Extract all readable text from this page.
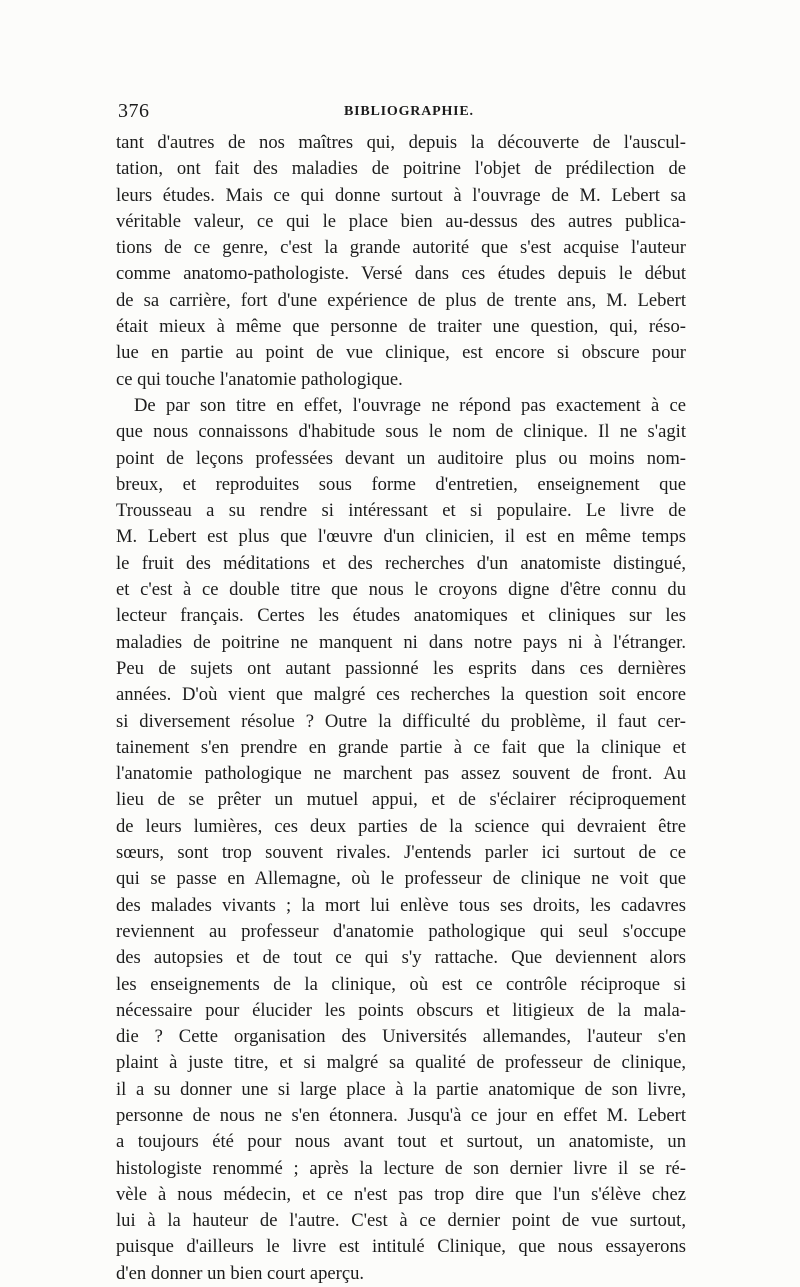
376	BIBLIOGRAPHIE.
tant d'autres de nos maîtres qui, depuis la découverte de l'auscul-
tation, ont fait des maladies de poitrine l'objet de prédilection de
leurs études. Mais ce qui donne surtout à l'ouvrage de M. Lebert sa
véritable valeur, ce qui le place bien au-dessus des autres publica-
tions de ce genre, c'est la grande autorité que s'est acquise l'auteur
comme anatomo-pathologiste. Versé dans ces études depuis le début
de sa carrière, fort d'une expérience de plus de trente ans, M. Lebert
était mieux à même que personne de traiter une question, qui, réso-
lue en partie au point de vue clinique, est encore si obscure pour
ce qui touche l'anatomie pathologique.
De par son titre en effet, l'ouvrage ne répond pas exactement à ce
que nous connaissons d'habitude sous le nom de clinique. Il ne s'agit
point de leçons professées devant un auditoire plus ou moins nom-
breux, et reproduites sous forme d'entretien, enseignement que
Trousseau a su rendre si intéressant et si populaire. Le livre de
M. Lebert est plus que l'œuvre d'un clinicien, il est en même temps
le fruit des méditations et des recherches d'un anatomiste distingué,
et c'est à ce double titre que nous le croyons digne d'être connu du
lecteur français. Certes les études anatomiques et cliniques sur les
maladies de poitrine ne manquent ni dans notre pays ni à l'étranger.
Peu de sujets ont autant passionné les esprits dans ces dernières
années. D'où vient que malgré ces recherches la question soit encore
si diversement résolue ? Outre la difficulté du problème, il faut cer-
tainement s'en prendre en grande partie à ce fait que la clinique et
l'anatomie pathologique ne marchent pas assez souvent de front. Au
lieu de se prêter un mutuel appui, et de s'éclairer réciproquement
de leurs lumières, ces deux parties de la science qui devraient être
sœurs, sont trop souvent rivales. J'entends parler ici surtout de ce
qui se passe en Allemagne, où le professeur de clinique ne voit que
des malades vivants ; la mort lui enlève tous ses droits, les cadavres
reviennent au professeur d'anatomie pathologique qui seul s'occupe
des autopsies et de tout ce qui s'y rattache. Que deviennent alors
les enseignements de la clinique, où est ce contrôle réciproque si
nécessaire pour élucider les points obscurs et litigieux de la mala-
die ? Cette organisation des Universités allemandes, l'auteur s'en
plaint à juste titre, et si malgré sa qualité de professeur de clinique,
il a su donner une si large place à la partie anatomique de son livre,
personne de nous ne s'en étonnera. Jusqu'à ce jour en effet M. Lebert
a toujours été pour nous avant tout et surtout, un anatomiste, un
histologiste renommé ; après la lecture de son dernier livre il se ré-
vèle à nous médecin, et ce n'est pas trop dire que l'un s'élève chez
lui à la hauteur de l'autre. C'est à ce dernier point de vue surtout,
puisque d'ailleurs le livre est intitulé Clinique, que nous essayerons
d'en donner un bien court aperçu.
